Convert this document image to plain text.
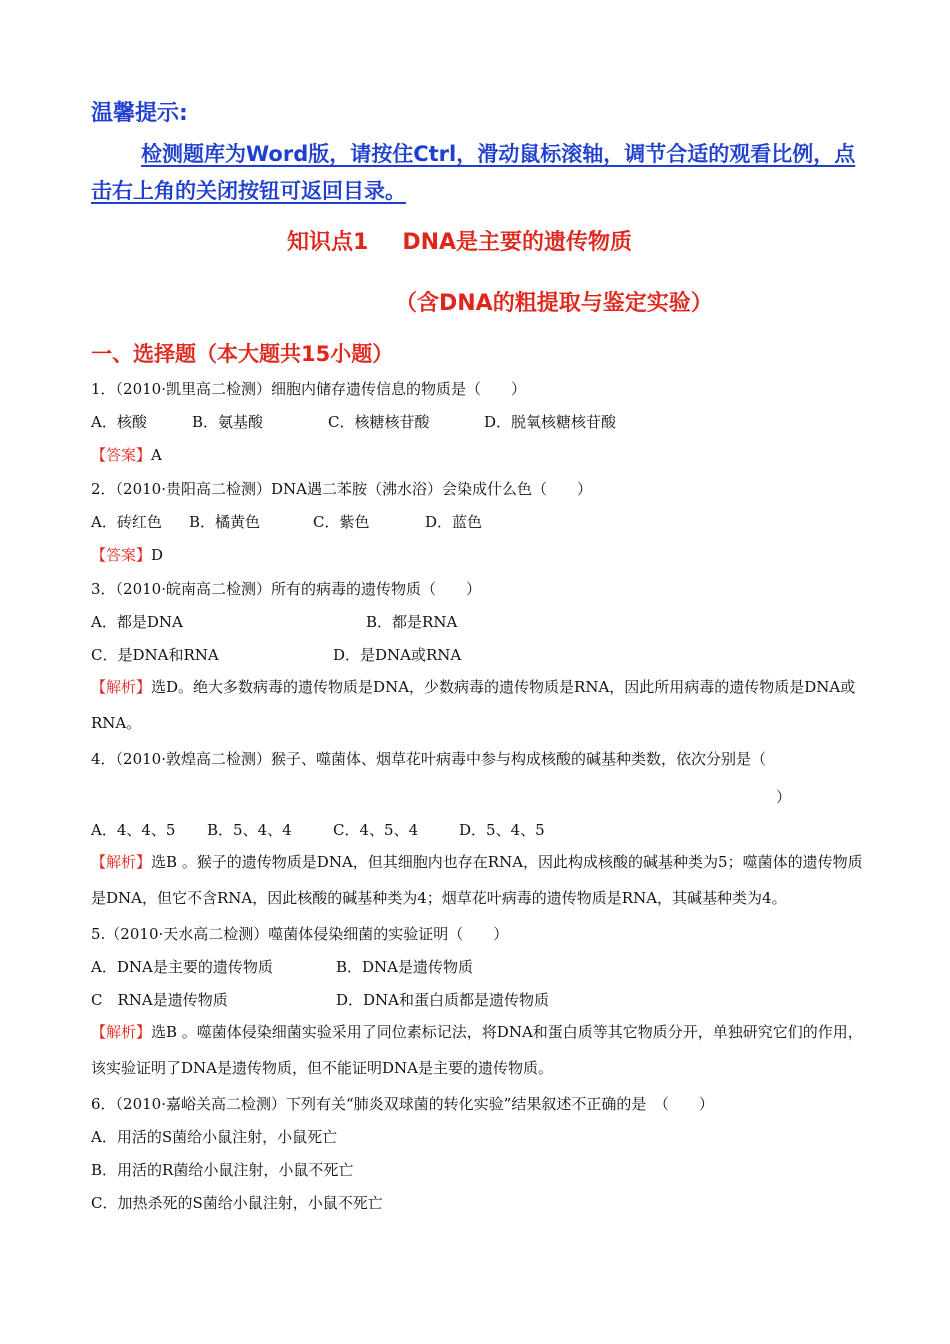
温馨提示:
检测题库为Word版，请按住Ctrl，滑动鼠标滚轴，调节合适的观看比例，点击右上角的关闭按钮可返回目录。
知识点1 DNA是主要的遗传物质
（含DNA的粗提取与鉴定实验）
一、选择题（本大题共15小题）
1．（2010·凯里高二检测）细胞内储存遗传信息的物质是（　　）
A．核酸	B．氨基酸	C．核糖核苷酸	D．脱氧核糖核苷酸
【答案】A
2．（2010·贵阳高二检测）DNA遇二苯胺（沸水浴）会染成什么色（　　）
A．砖红色 B．橘黄色	C．紫色	D．蓝色
【答案】D
3．（2010·皖南高二检测）所有的病毒的遗传物质（　　）
A．都是DNA	B．都是RNA
C．是DNA和RNA	D．是DNA或RNA
【解析】选D。绝大多数病毒的遗传物质是DNA，少数病毒的遗传物质是RNA，因此所用病毒的遗传物质是DNA或RNA。
4．（2010·敦煌高二检测）猴子、噬菌体、烟草花叶病毒中参与构成核酸的碱基种类数，依次分别是（
）
A．4、4、5 B．5、4、4	C．4、5、4	D．5、4、5
【解析】选B 。猴子的遗传物质是DNA，但其细胞内也存在RNA，因此构成核酸的碱基种类为5；噬菌体的遗传物质是DNA，但它不含RNA，因此核酸的碱基种类为4；烟草花叶病毒的遗传物质是RNA，其碱基种类为4。
5.（2010·天水高二检测）噬菌体侵染细菌的实验证明（　　）
A．DNA是主要的遗传物质	B．DNA是遗传物质
C　RNA是遗传物质	D．DNA和蛋白质都是遗传物质
【解析】选B 。噬菌体侵染细菌实验采用了同位素标记法，将DNA和蛋白质等其它物质分开，单独研究它们的作用，该实验证明了DNA是遗传物质，但不能证明DNA是主要的遗传物质。
6．（2010·嘉峪关高二检测）下列有关“肺炎双球菌的转化实验”结果叙述不正确的是　（　　）
A．用活的S菌给小鼠注射，小鼠死亡
B．用活的R菌给小鼠注射，小鼠不死亡
C．加热杀死的S菌给小鼠注射，小鼠不死亡
